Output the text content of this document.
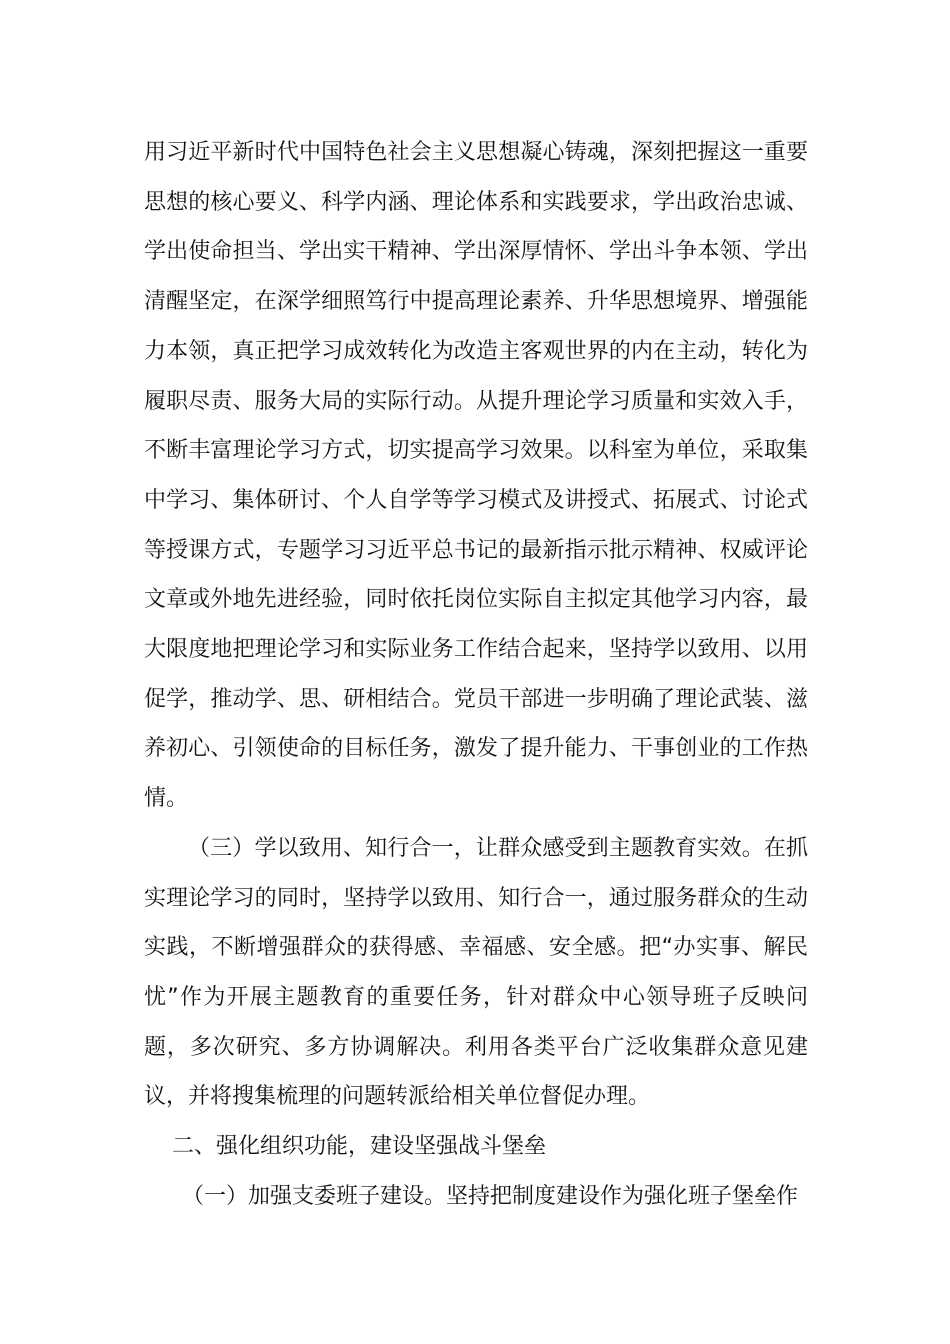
用习近平新时代中国特色社会主义思想凝心铸魂，深刻把握这一重要思想的核心要义、科学内涵、理论体系和实践要求，学出政治忠诚、学出使命担当、学出实干精神、学出深厚情怀、学出斗争本领、学出清醒坚定，在深学细照笃行中提高理论素养、升华思想境界、增强能力本领，真正把学习成效转化为改造主客观世界的内在主动，转化为履职尽责、服务大局的实际行动。从提升理论学习质量和实效入手，不断丰富理论学习方式，切实提高学习效果。以科室为单位，采取集中学习、集体研讨、个人自学等学习模式及讲授式、拓展式、讨论式等授课方式，专题学习习近平总书记的最新指示批示精神、权威评论文章或外地先进经验，同时依托岗位实际自主拟定其他学习内容，最大限度地把理论学习和实际业务工作结合起来，坚持学以致用、以用促学，推动学、思、研相结合。党员干部进一步明确了理论武装、滋养初心、引领使命的目标任务，激发了提升能力、干事创业的工作热情。

（三）学以致用、知行合一，让群众感受到主题教育实效。在抓实理论学习的同时，坚持学以致用、知行合一，通过服务群众的生动实践，不断增强群众的获得感、幸福感、安全感。把“办实事、解民忧”作为开展主题教育的重要任务，针对群众中心领导班子反映问题，多次研究、多方协调解决。利用各类平台广泛收集群众意见建议，并将搜集梳理的问题转派给相关单位督促办理。

二、强化组织功能，建设坚强战斗堡垒

（一）加强支委班子建设。坚持把制度建设作为强化班子堡垒作
